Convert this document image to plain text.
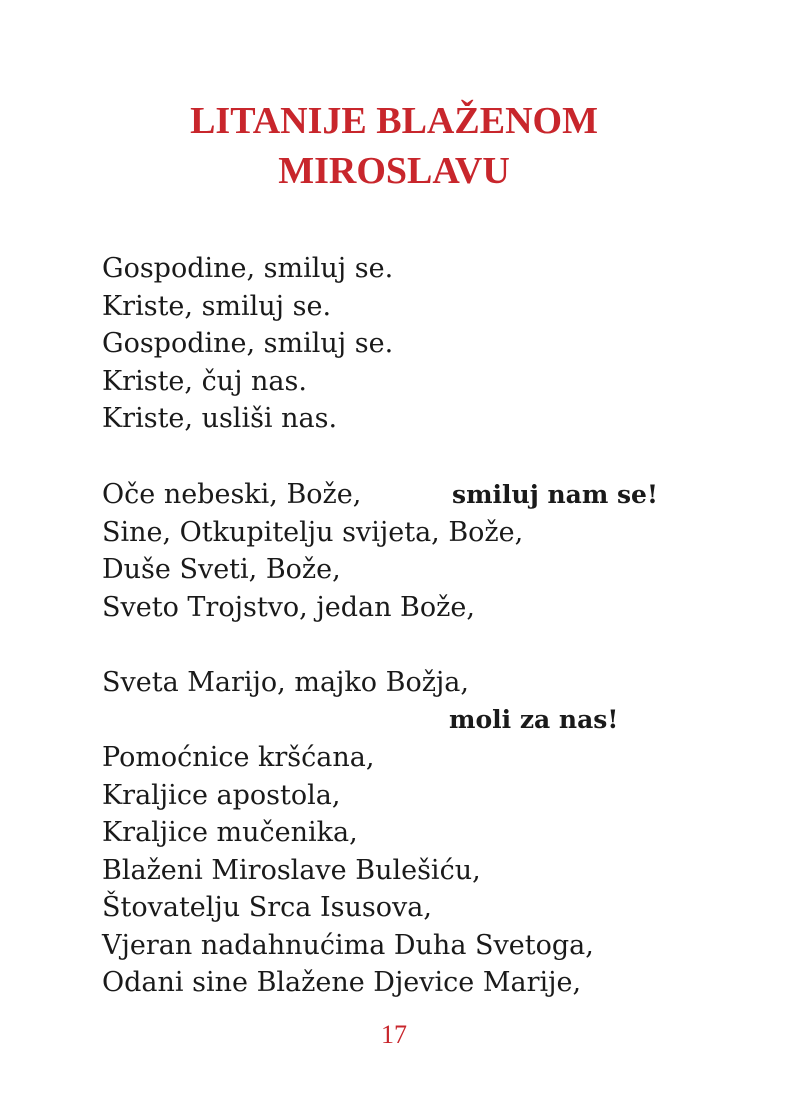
LITANIJE BLAŽENOM
MIROSLAVU
Gospodine, smiluj se.
Kriste, smiluj se.
Gospodine, smiluj se.
Kriste, čuj nas.
Kriste, usliši nas.
Oče nebeski, Bože,
Sine, Otkupitelju svijeta, Bože,
Duše Sveti, Bože,
Sveto Trojstvo, jedan Bože,
smiluj nam se!
Sveta Marijo, majko Božja,
moli za nas!
Pomoćnice kršćana,
Kraljice apostola,
Kraljice mučenika,
Blaženi Miroslave Bulešiću,
Štovatelju Srca Isusova,
Vjeran nadahnućima Duha Svetoga,
Odani sine Blažene Djevice Marije,
17
